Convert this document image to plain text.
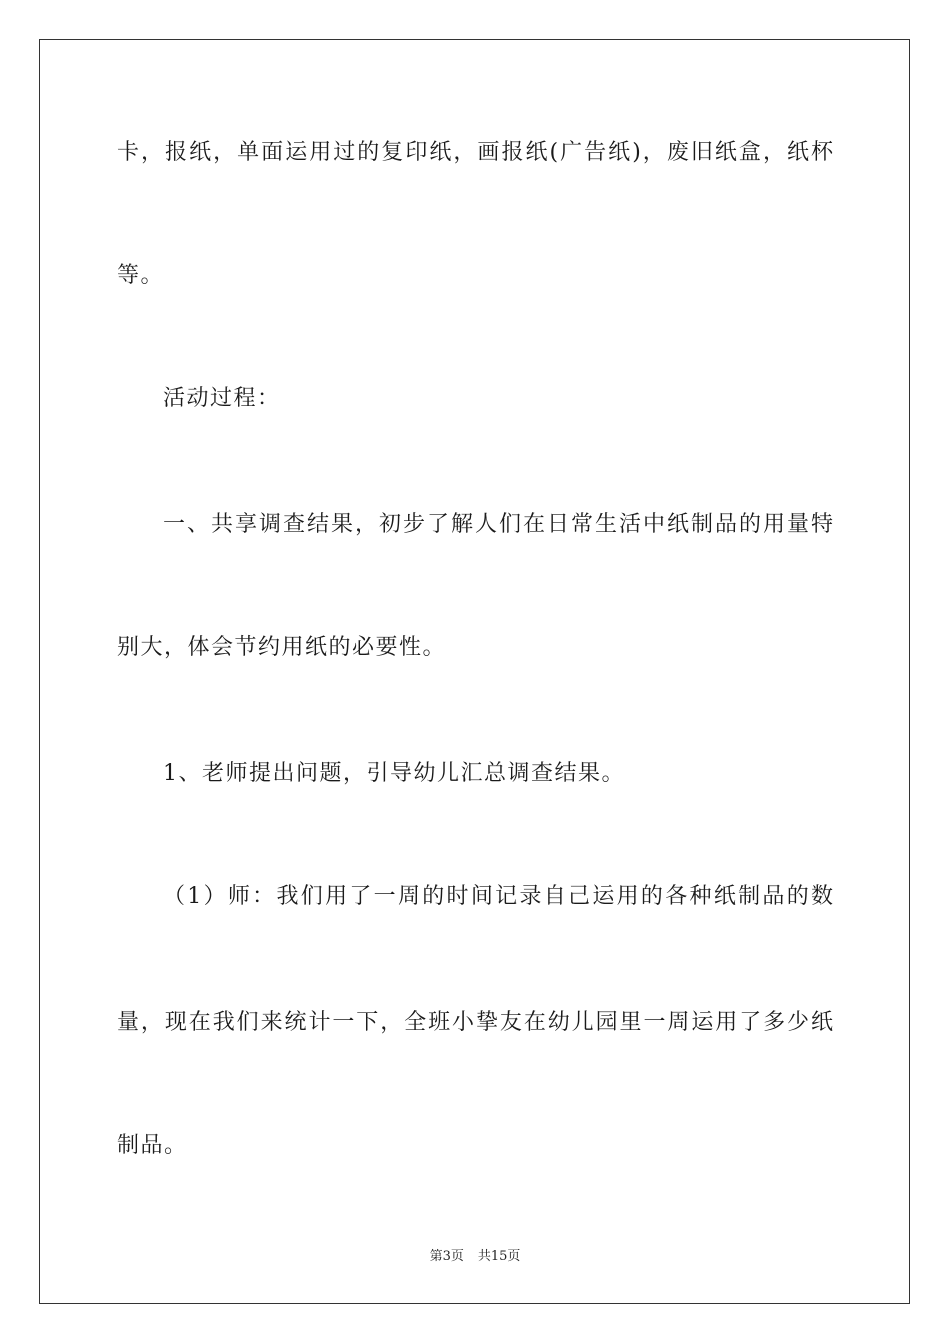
卡，报纸，单面运用过的复印纸，画报纸(广告纸)，废旧纸盒，纸杯
等。
活动过程：
一、共享调查结果，初步了解人们在日常生活中纸制品的用量特
别大，体会节约用纸的必要性。
1、老师提出问题，引导幼儿汇总调查结果。
（1）师：我们用了一周的时间记录自己运用的各种纸制品的数
量，现在我们来统计一下，全班小挚友在幼儿园里一周运用了多少纸
制品。
第3页 共15页
